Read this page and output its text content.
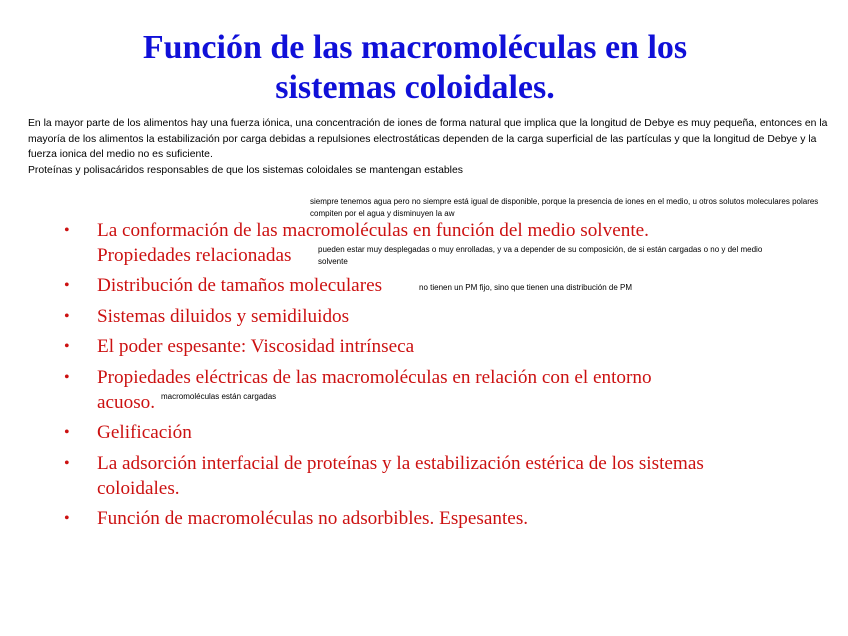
Función de las macromoléculas en los
sistemas coloidales.

En la mayor parte de los alimentos hay una fuerza iónica, una concentración de iones de forma natural que implica que la longitud de Debye es muy pequeña, entonces en la mayoría de los alimentos la estabilización por carga debidas a repulsiones electrostáticas dependen de la carga superficial de las partículas y que la longitud de Debye y la fuerza ionica del medio no es suficiente.

Proteínas y polisacáridos responsables de que los sistemas coloidales se mantengan estables

•	La conformación de las macromoléculas en función del medio solvente.
Propiedades relacionadas
•	Distribución de tamaños moleculares
•	Sistemas diluidos y semidiluidos
•	El poder espesante: Viscosidad intrínseca
•	Propiedades eléctricas de las macromoléculas en relación con el entorno
acuoso.
•	Gelificación
•	La adsorción interfacial de proteínas y la estabilización estérica de los sistemas
coloidales.
•	Función de macromoléculas no adsorbibles. Espesantes.
siempre tenemos agua pero no siempre está igual de disponible, porque la presencia de iones en el medio, u otros solutos moleculares polares compiten por el agua y disminuyen la aw
pueden estar muy desplegadas o muy enrolladas, y va a depender de su composición, de si están cargadas o no y del medio solvente
no tienen un PM fijo, sino que tienen una distribución de PM
macromoléculas están cargadas
